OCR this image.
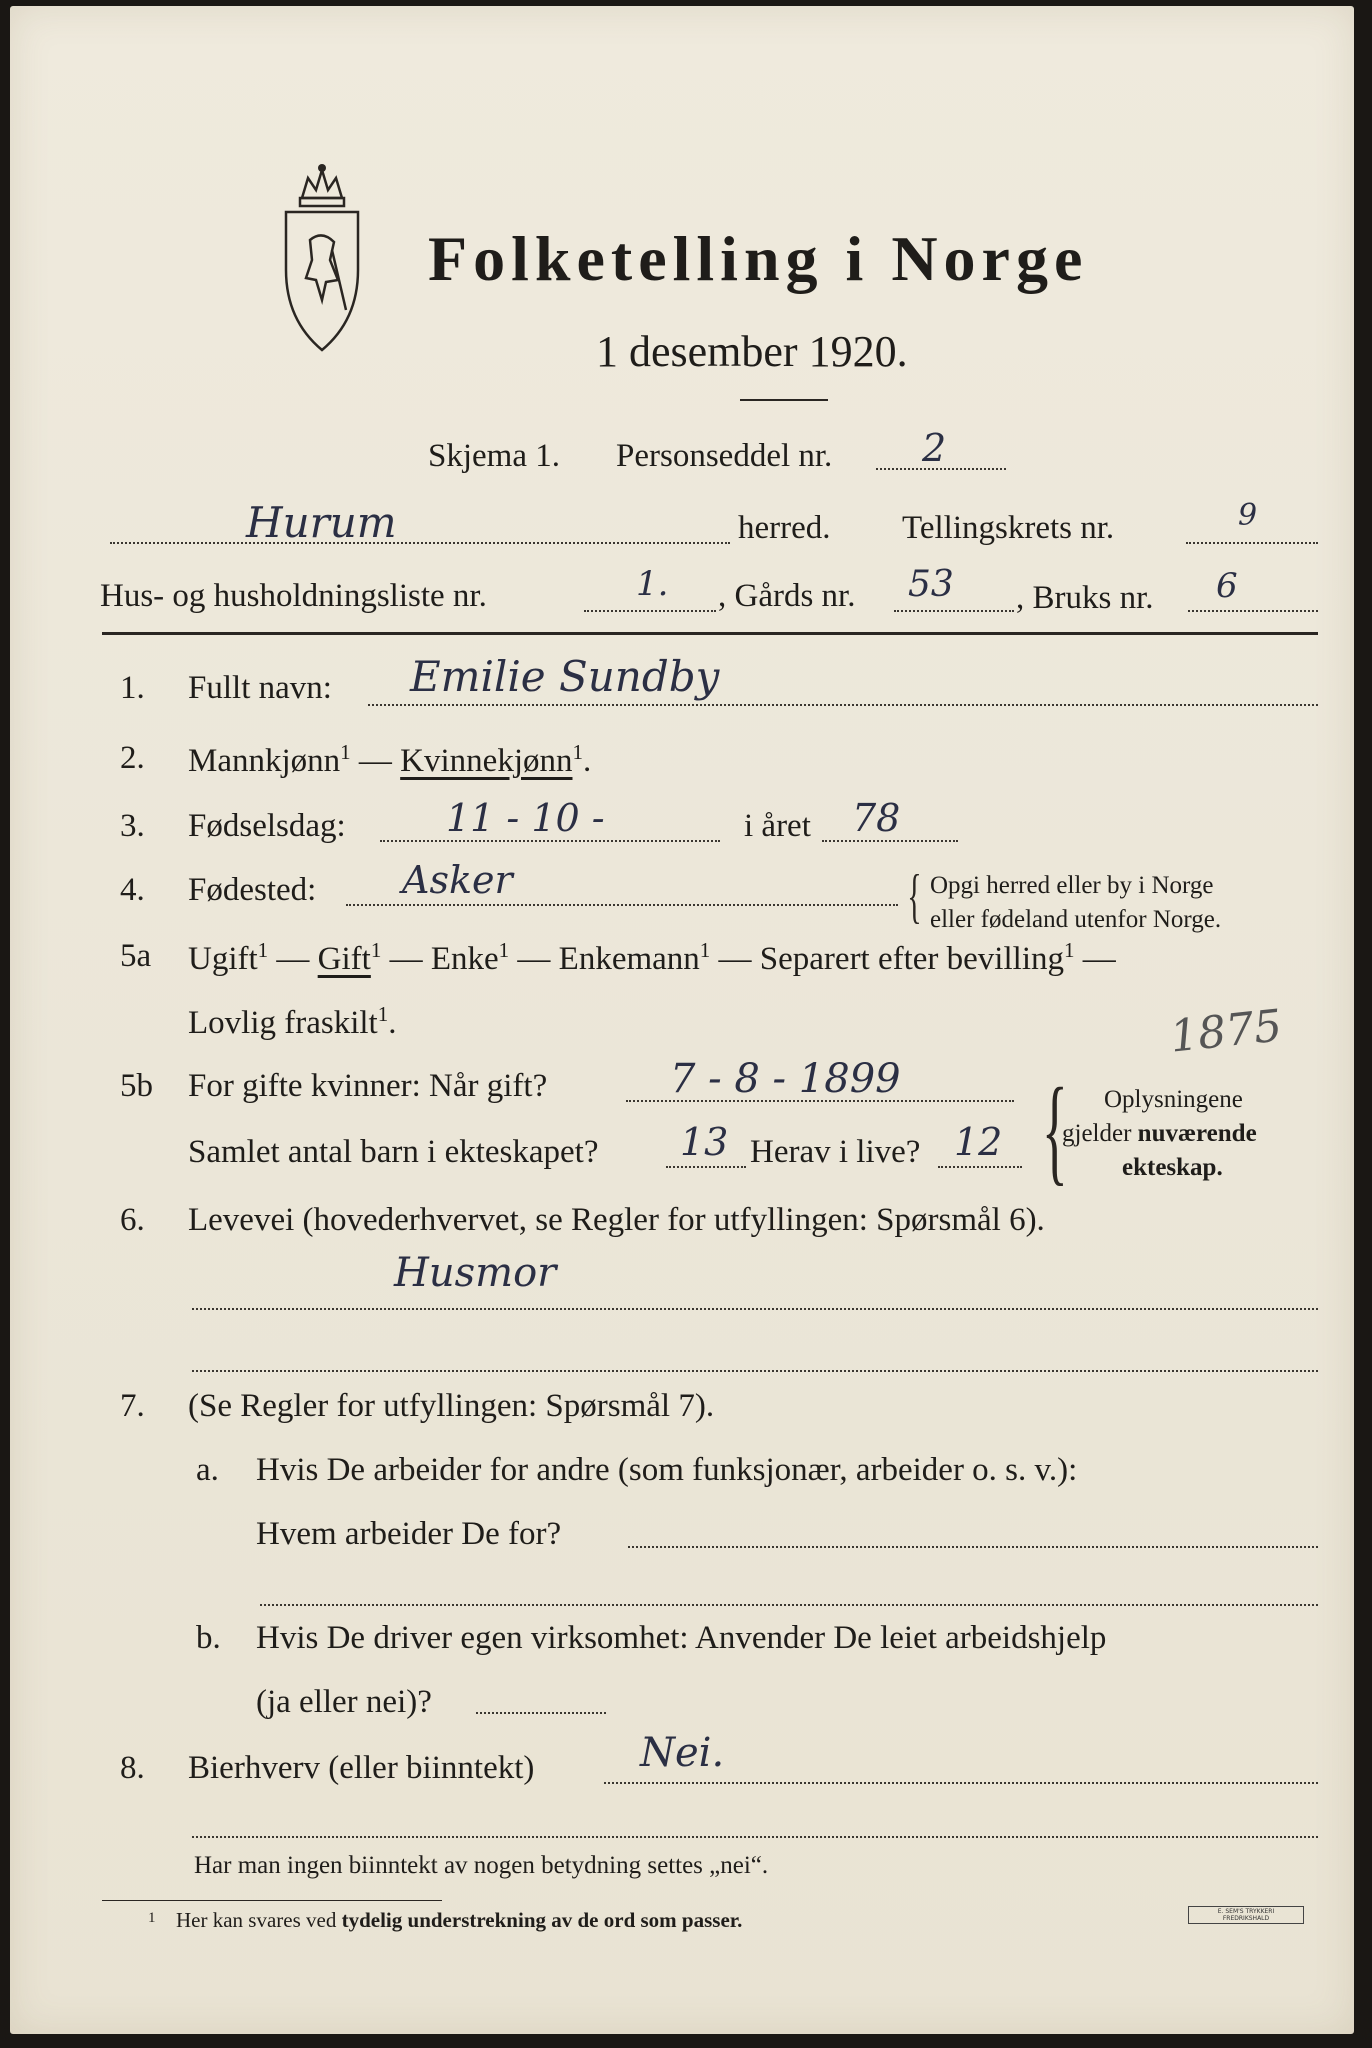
Folketelling i Norge
1 desember 1920.
Skjema 1. Personseddel nr. 2
Hurum	herred. Tellingskrets nr.	9
Hus- og husholdningsliste nr.	1. , Gårds nr. 53 , Bruks nr. 6
1. Fullt navn: Emilie Sundby
2. Mannkjønn$^1$ — Kvinnekjønn$^1$.
3. Fødselsdag:	11 - 10 -	i året 78
4. Fødested: Asker	{ Opgi herred eller by i Norge
eller fødeland utenfor Norge.
5a Ugift$^1$ — Gift$^1$ — Enke$^1$ — Enkemann$^1$ — Separert efter bevilling$^1$ —
Lovlig fraskilt$^1$.	1875
5b For gifte kvinner: Når gift?	7 - 8 - 1899
Samlet antal barn i ekteskapet? 13 Herav i live? 12 { Oplysningene
gjelder nuværende
ekteskap.
6. Levevei (hovederhvervet, se Regler for utfyllingen: Spørsmål 6).
Husmor
7. (Se Regler for utfyllingen: Spørsmål 7).
a. Hvis De arbeider for andre (som funksjonær, arbeider o. s. v.):
Hvem arbeider De for?
b. Hvis De driver egen virksomhet: Anvender De leiet arbeidshjelp
(ja eller nei)?
8. Bierhverv (eller biinntekt)	Nei.
Har man ingen biinntekt av nogen betydning settes „nei“.
1 Her kan svares ved tydelig understrekning av de ord som passer.	E. SEM'S TRYKKERI
FREDRIKSHALD
